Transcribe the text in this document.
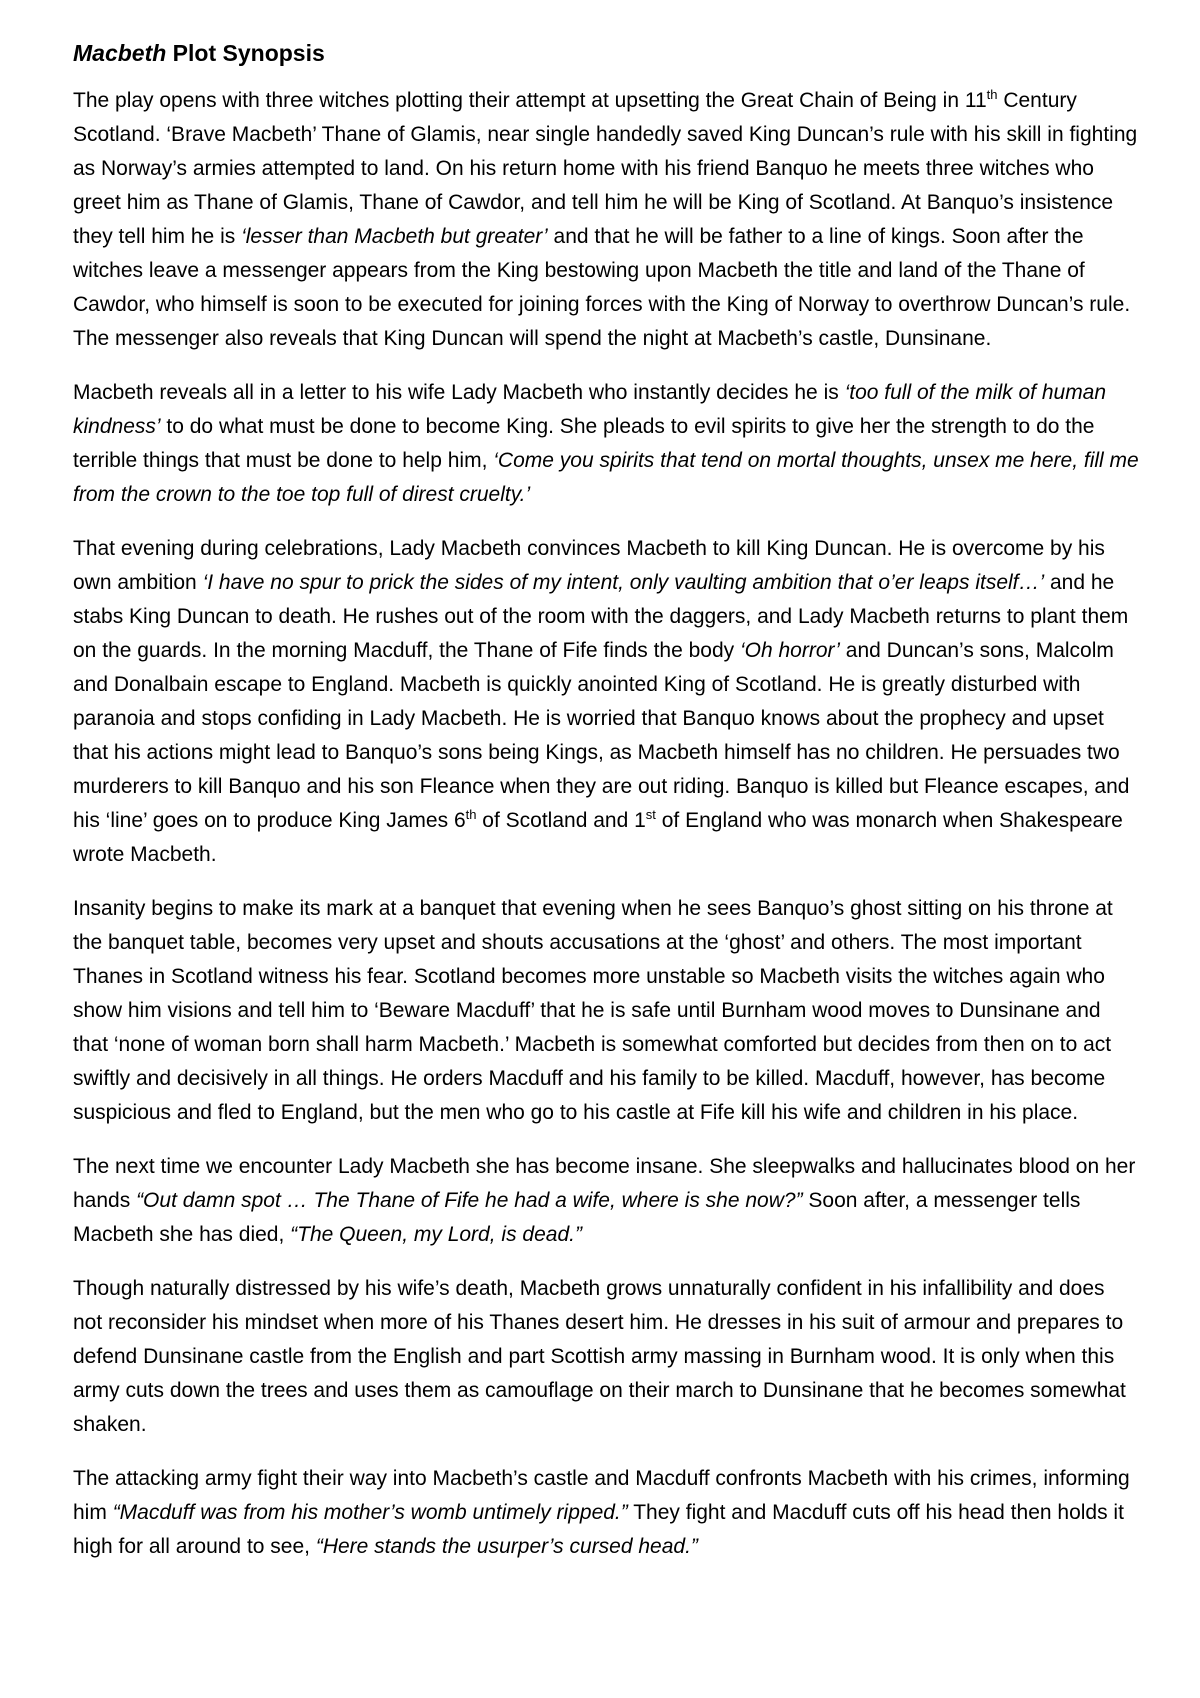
Macbeth Plot Synopsis

The play opens with three witches plotting their attempt at upsetting the Great Chain of Being in 11th Century Scotland. ‘Brave Macbeth’ Thane of Glamis, near single handedly saved King Duncan’s rule with his skill in fighting as Norway’s armies attempted to land. On his return home with his friend Banquo he meets three witches who greet him as Thane of Glamis, Thane of Cawdor, and tell him he will be King of Scotland. At Banquo’s insistence they tell him he is ‘lesser than Macbeth but greater’ and that he will be father to a line of kings. Soon after the witches leave a messenger appears from the King bestowing upon Macbeth the title and land of the Thane of Cawdor, who himself is soon to be executed for joining forces with the King of Norway to overthrow Duncan’s rule. The messenger also reveals that King Duncan will spend the night at Macbeth’s castle, Dunsinane.

Macbeth reveals all in a letter to his wife Lady Macbeth who instantly decides he is ‘too full of the milk of human kindness’ to do what must be done to become King. She pleads to evil spirits to give her the strength to do the terrible things that must be done to help him, ‘Come you spirits that tend on mortal thoughts, unsex me here, fill me from the crown to the toe top full of direst cruelty.’

That evening during celebrations, Lady Macbeth convinces Macbeth to kill King Duncan. He is overcome by his own ambition ‘I have no spur to prick the sides of my intent, only vaulting ambition that o’er leaps itself…’ and he stabs King Duncan to death. He rushes out of the room with the daggers, and Lady Macbeth returns to plant them on the guards. In the morning Macduff, the Thane of Fife finds the body ‘Oh horror’ and Duncan’s sons, Malcolm and Donalbain escape to England. Macbeth is quickly anointed King of Scotland. He is greatly disturbed with paranoia and stops confiding in Lady Macbeth. He is worried that Banquo knows about the prophecy and upset that his actions might lead to Banquo’s sons being Kings, as Macbeth himself has no children. He persuades two murderers to kill Banquo and his son Fleance when they are out riding. Banquo is killed but Fleance escapes, and his ‘line’ goes on to produce King James 6th of Scotland and 1st of England who was monarch when Shakespeare wrote Macbeth.

Insanity begins to make its mark at a banquet that evening when he sees Banquo’s ghost sitting on his throne at the banquet table, becomes very upset and shouts accusations at the ‘ghost’ and others. The most important Thanes in Scotland witness his fear. Scotland becomes more unstable so Macbeth visits the witches again who show him visions and tell him to ‘Beware Macduff’ that he is safe until Burnham wood moves to Dunsinane and that ‘none of woman born shall harm Macbeth.’ Macbeth is somewhat comforted but decides from then on to act swiftly and decisively in all things. He orders Macduff and his family to be killed. Macduff, however, has become suspicious and fled to England, but the men who go to his castle at Fife kill his wife and children in his place.

The next time we encounter Lady Macbeth she has become insane. She sleepwalks and hallucinates blood on her hands “Out damn spot … The Thane of Fife he had a wife, where is she now?” Soon after, a messenger tells Macbeth she has died, “The Queen, my Lord, is dead.”

Though naturally distressed by his wife’s death, Macbeth grows unnaturally confident in his infallibility and does not reconsider his mindset when more of his Thanes desert him. He dresses in his suit of armour and prepares to defend Dunsinane castle from the English and part Scottish army massing in Burnham wood. It is only when this army cuts down the trees and uses them as camouflage on their march to Dunsinane that he becomes somewhat shaken.

The attacking army fight their way into Macbeth’s castle and Macduff confronts Macbeth with his crimes, informing him “Macduff was from his mother’s womb untimely ripped.” They fight and Macduff cuts off his head then holds it high for all around to see, “Here stands the usurper’s cursed head.”
